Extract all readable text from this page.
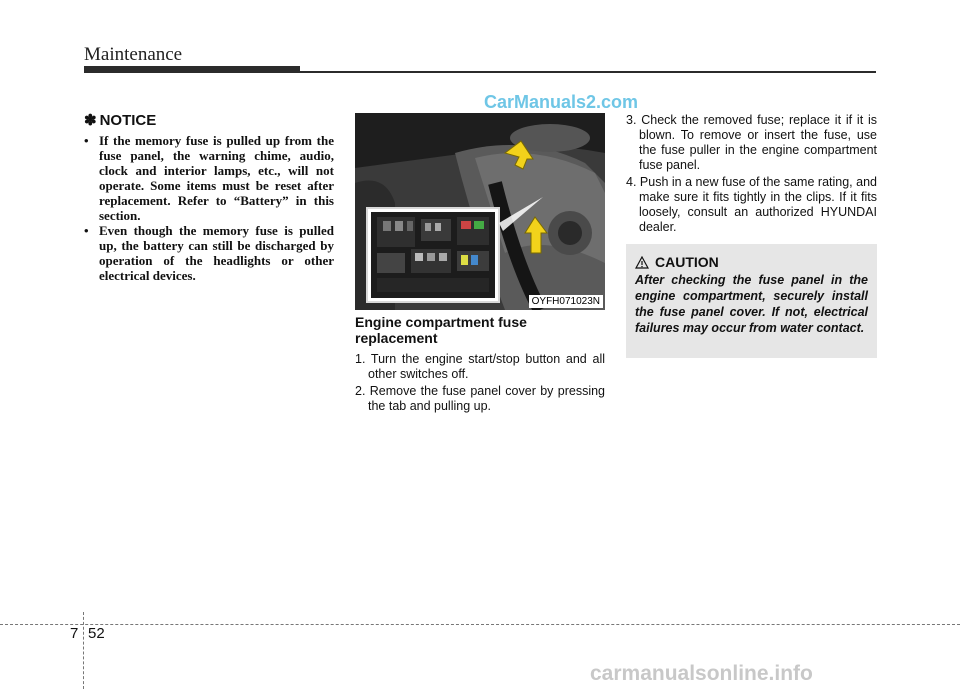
Maintenance
CarManuals2.com
✽ NOTICE
• If the memory fuse is pulled up from the fuse panel, the warning chime, audio, clock and interior lamps, etc., will not operate. Some items must be reset after replacement. Refer to “Battery” in this section.
• Even though the memory fuse is pulled up, the battery can still be discharged by operation of the headlights or other electrical devices.
OYFH071023N
Engine compartment fuse replacement
1. Turn the engine start/stop button and all other switches off.
2. Remove the fuse panel cover by pressing the tab and pulling up.
3. Check the removed fuse; replace it if it is blown. To remove or insert the fuse, use the fuse puller in the engine compartment fuse panel.
4. Push in a new fuse of the same rating, and make sure it fits tightly in the clips. If it fits loosely, consult an authorized HYUNDAI dealer.
CAUTION
After checking the fuse panel in the engine compartment, securely install the fuse panel cover. If not, electrical failures may occur from water contact.
7 52
carmanualsonline.info
